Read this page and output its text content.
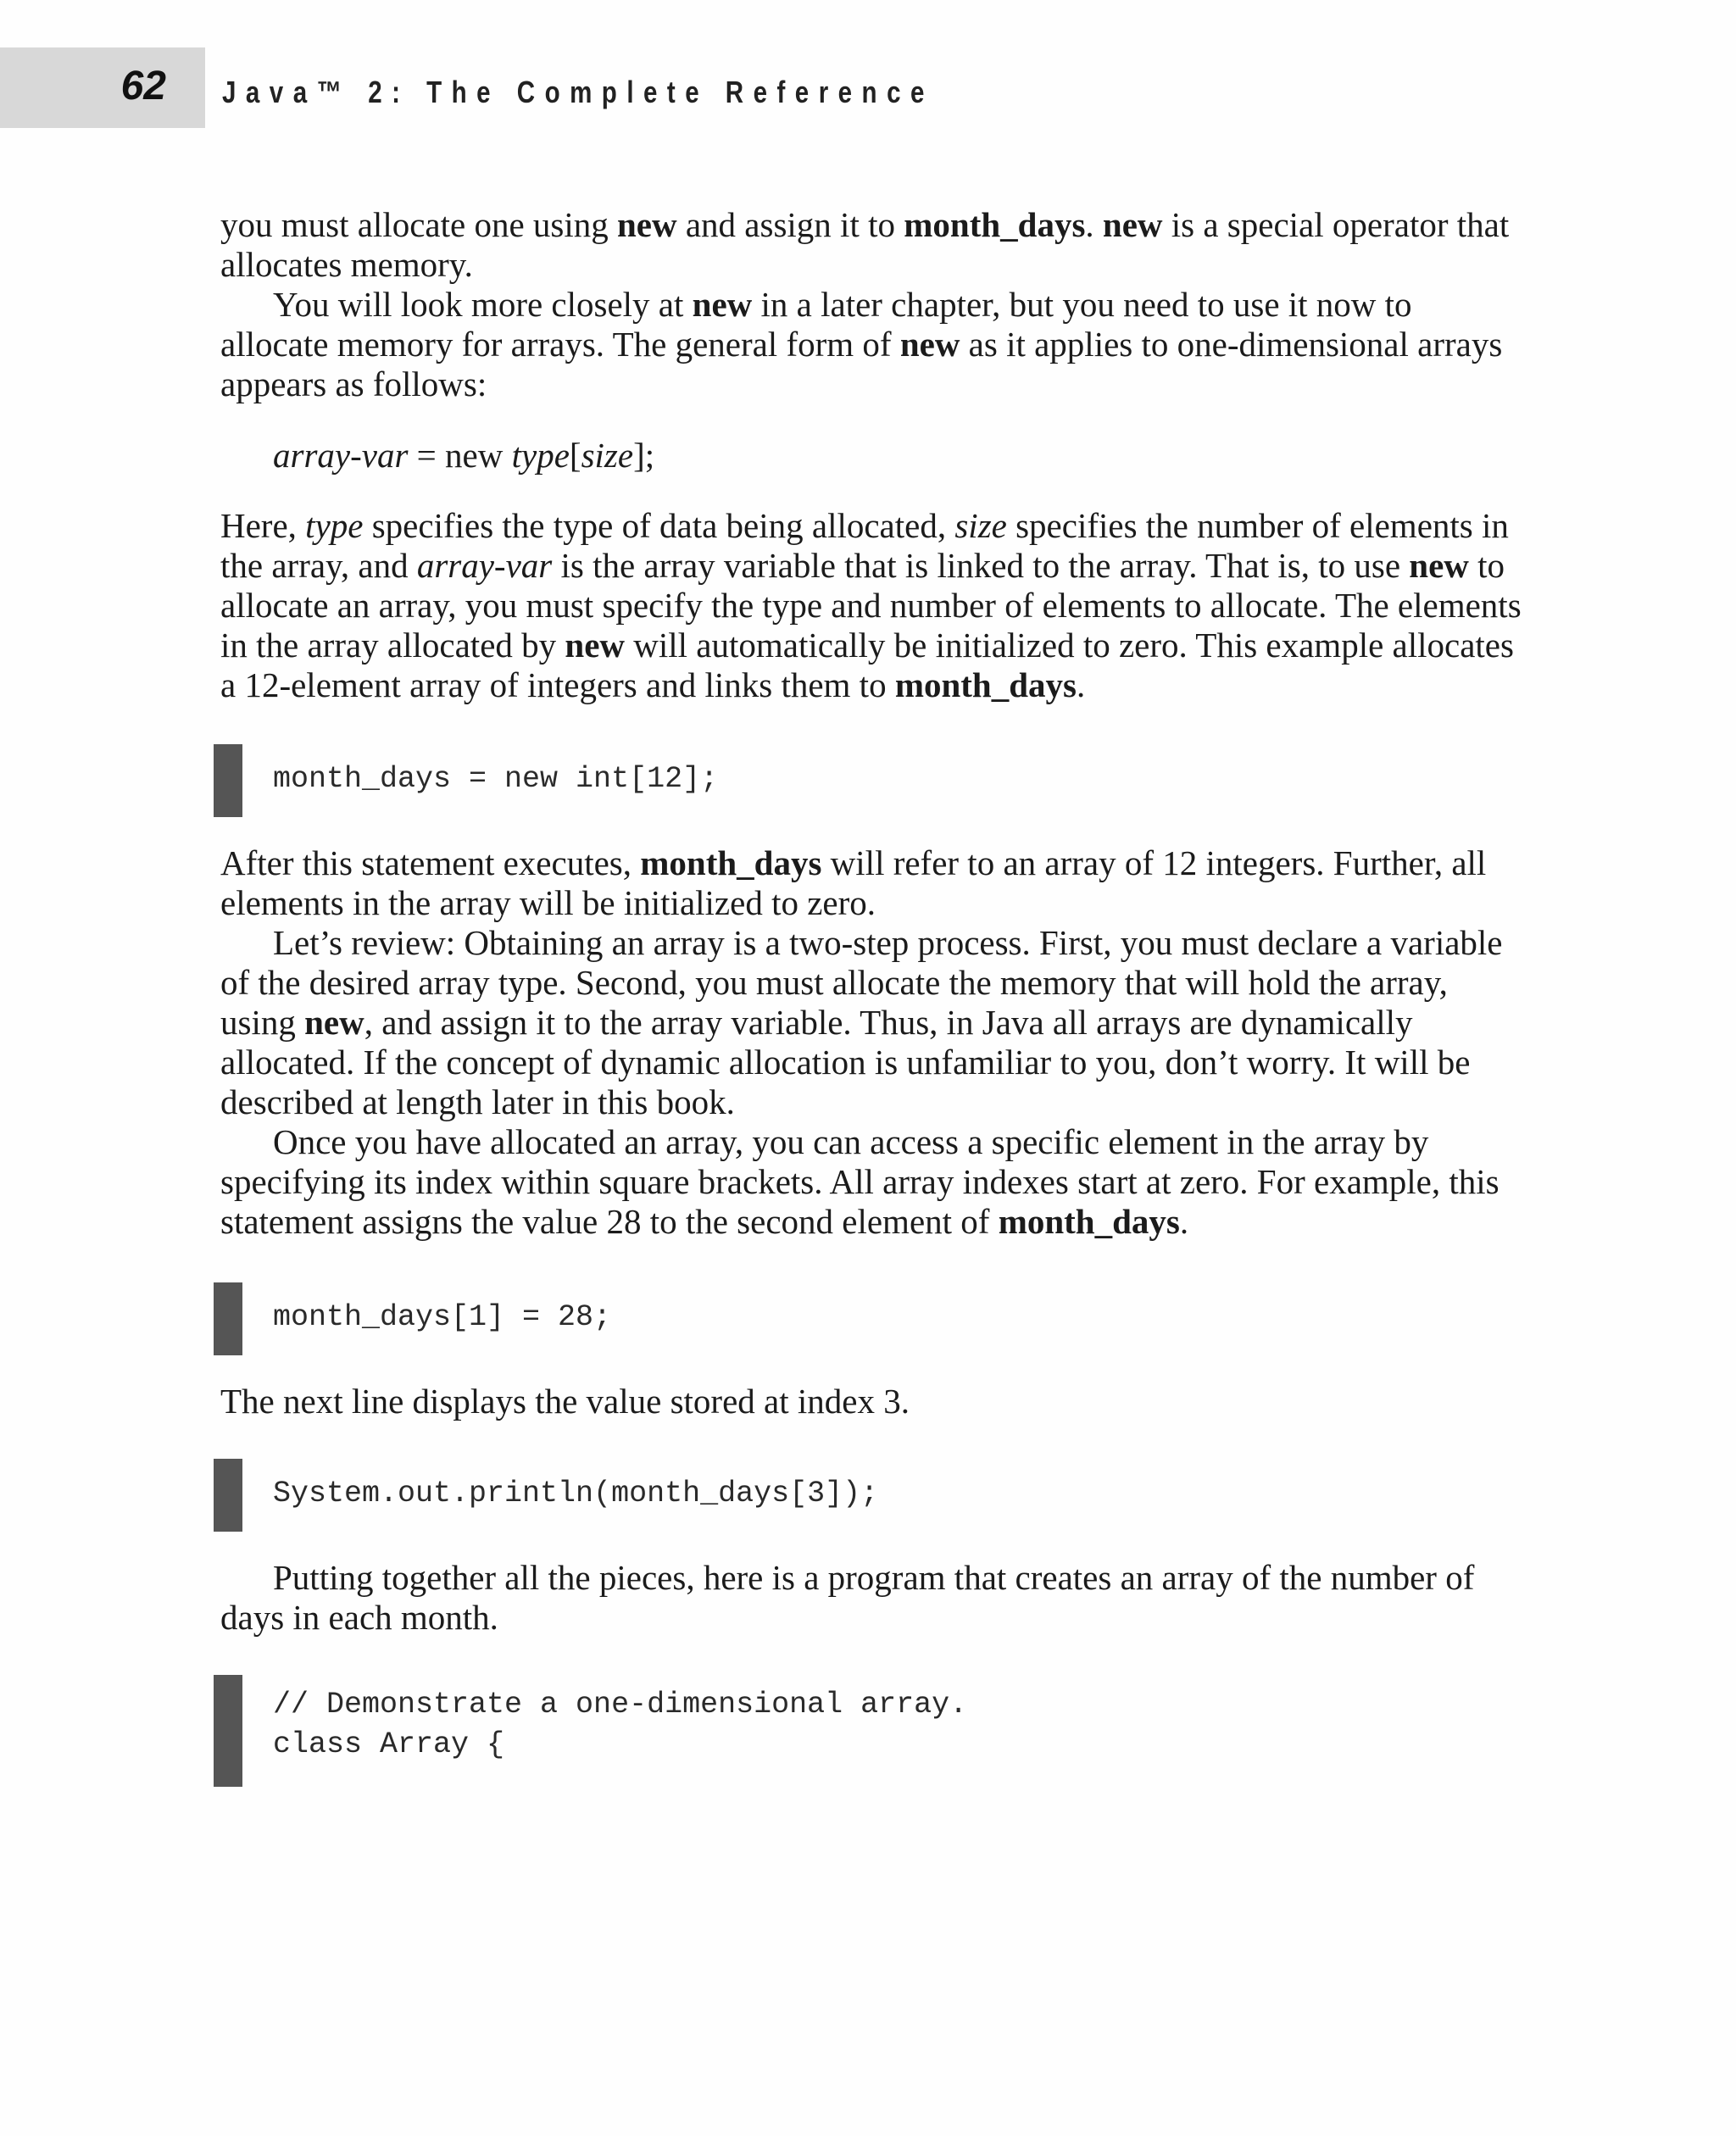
62 Java™ 2: The Complete Reference

you must allocate one using new and assign it to month_days. new is a special operator that allocates memory.

You will look more closely at new in a later chapter, but you need to use it now to allocate memory for arrays. The general form of new as it applies to one-dimensional arrays appears as follows:

array-var = new type[size];

Here, type specifies the type of data being allocated, size specifies the number of elements in the array, and array-var is the array variable that is linked to the array. That is, to use new to allocate an array, you must specify the type and number of elements to allocate. The elements in the array allocated by new will automatically be initialized to zero. This example allocates a 12-element array of integers and links them to month_days.

month_days = new int[12];

After this statement executes, month_days will refer to an array of 12 integers. Further, all elements in the array will be initialized to zero.

Let’s review: Obtaining an array is a two-step process. First, you must declare a variable of the desired array type. Second, you must allocate the memory that will hold the array, using new, and assign it to the array variable. Thus, in Java all arrays are dynamically allocated. If the concept of dynamic allocation is unfamiliar to you, don’t worry. It will be described at length later in this book.

Once you have allocated an array, you can access a specific element in the array by specifying its index within square brackets. All array indexes start at zero. For example, this statement assigns the value 28 to the second element of month_days.

month_days[1] = 28;

The next line displays the value stored at index 3.

System.out.println(month_days[3]);

Putting together all the pieces, here is a program that creates an array of the number of days in each month.

// Demonstrate a one-dimensional array.
class Array {
